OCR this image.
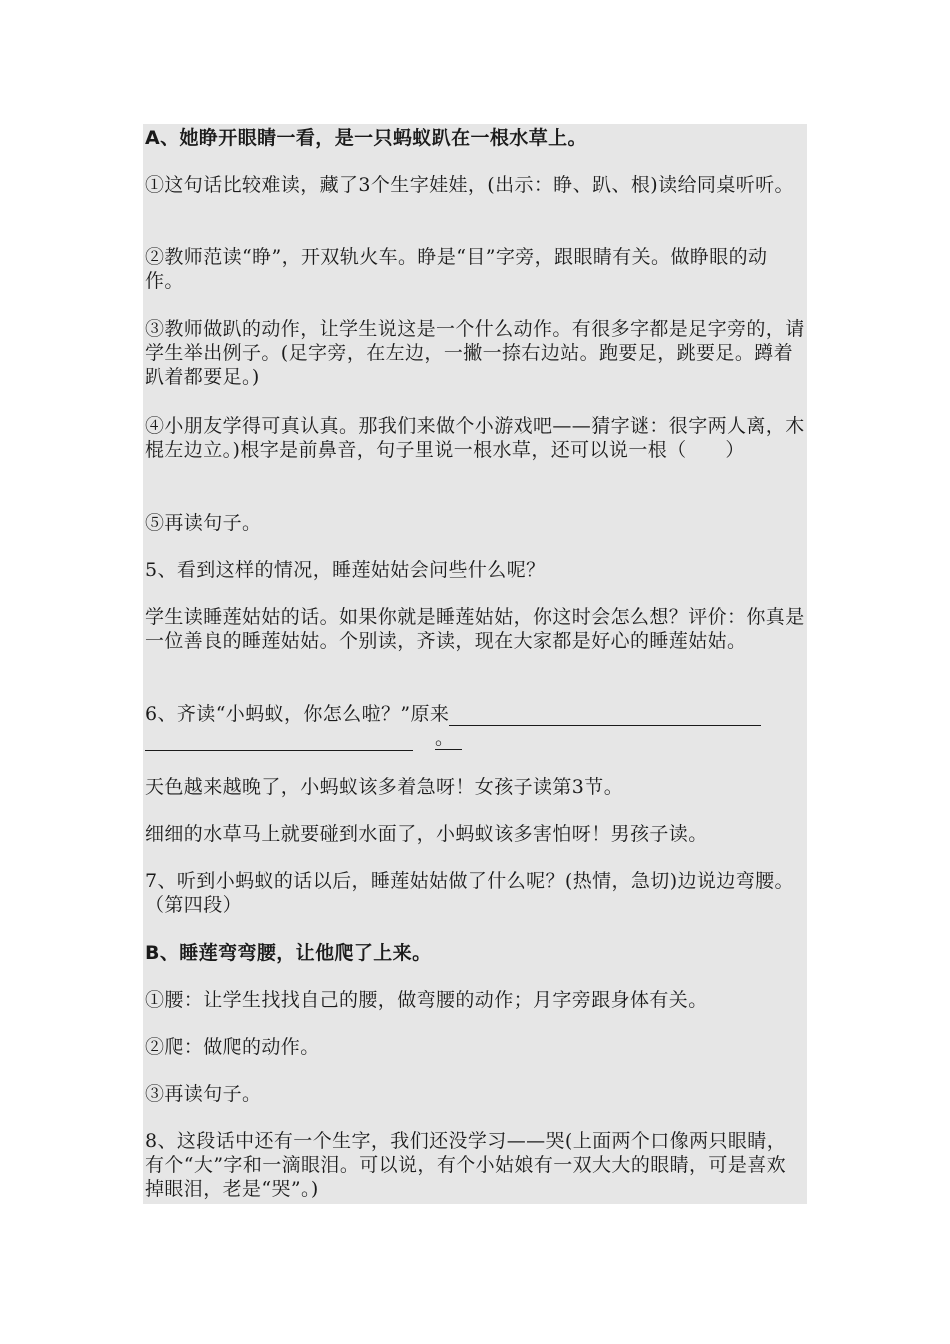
A、她睁开眼睛一看，是一只蚂蚁趴在一根水草上。

①这句话比较难读，藏了3个生字娃娃，(出示：睁、趴、根)读给同桌听听。

②教师范读“睁”，开双轨火车。睁是“目”字旁，跟眼睛有关。做睁眼的动作。

③教师做趴的动作，让学生说这是一个什么动作。有很多字都是足字旁的，请学生举出例子。(足字旁，在左边，一撇一捺右边站。跑要足，跳要足。蹲着趴着都要足。)

④小朋友学得可真认真。那我们来做个小游戏吧——猜字谜：很字两人离，木棍左边立。)根字是前鼻音，句子里说一根水草，还可以说一根（　　）

⑤再读句子。

5、看到这样的情况，睡莲姑姑会问些什么呢？

学生读睡莲姑姑的话。如果你就是睡莲姑姑，你这时会怎么想？评价：你真是一位善良的睡莲姑姑。个别读，齐读，现在大家都是好心的睡莲姑姑。

6、齐读“小蚂蚁，你怎么啦？”原来
。

天色越来越晚了，小蚂蚁该多着急呀！女孩子读第3节。

细细的水草马上就要碰到水面了，小蚂蚁该多害怕呀！男孩子读。

7、听到小蚂蚁的话以后，睡莲姑姑做了什么呢？(热情，急切)边说边弯腰。（第四段）

B、睡莲弯弯腰，让他爬了上来。

①腰：让学生找找自己的腰，做弯腰的动作；月字旁跟身体有关。

②爬：做爬的动作。

③再读句子。

8、这段话中还有一个生字，我们还没学习——哭(上面两个口像两只眼睛，有个“大”字和一滴眼泪。可以说，有个小姑娘有一双大大的眼睛，可是喜欢掉眼泪，老是“哭”。)
